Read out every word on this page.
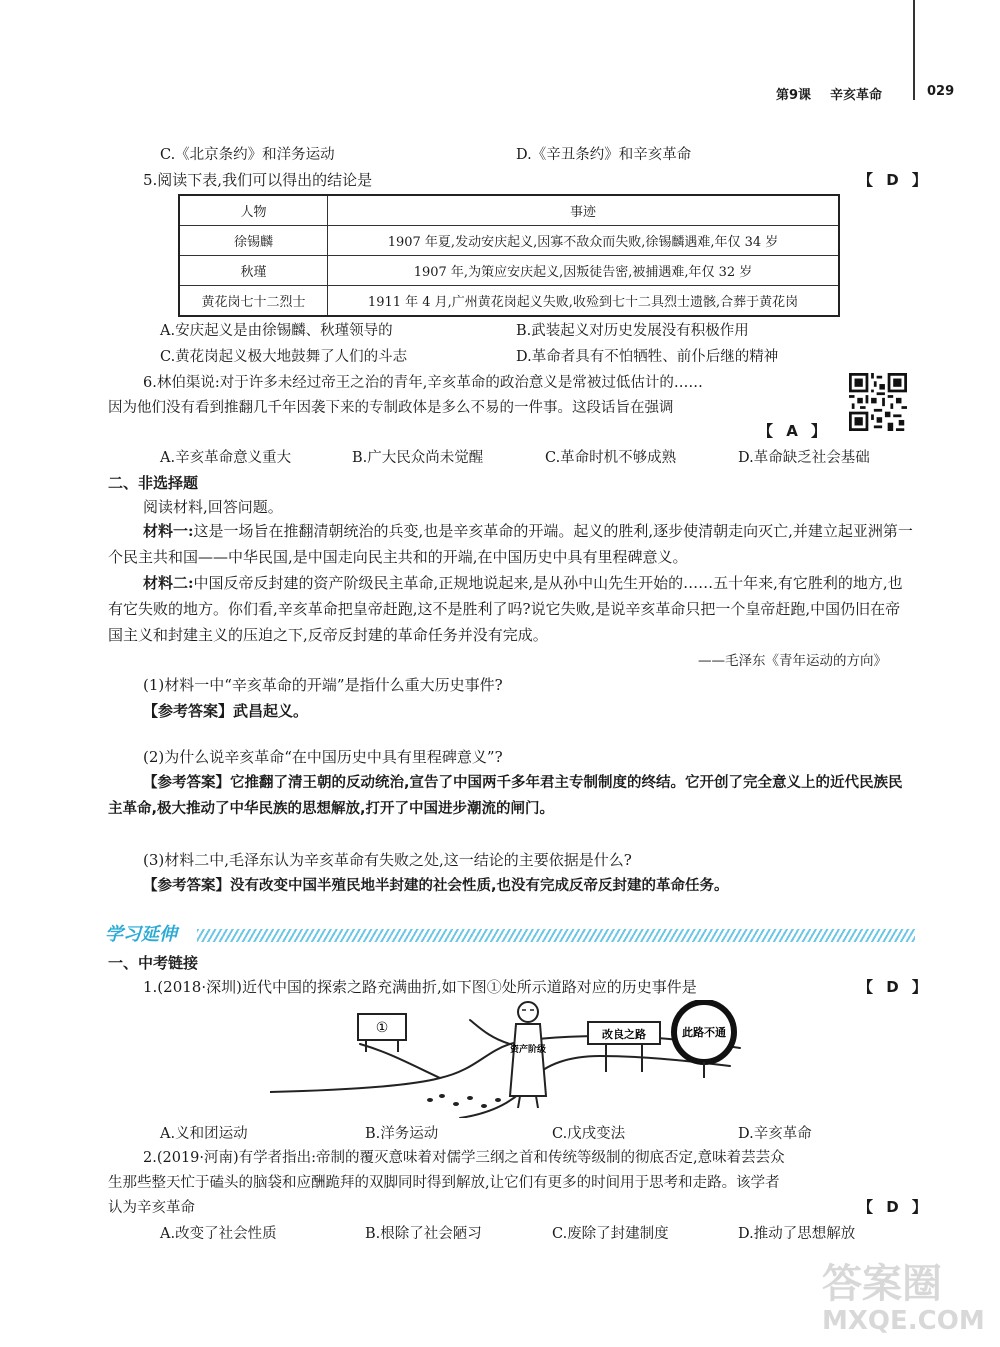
第9课 辛亥革命	029
C.《北京条约》和洋务运动	D.《辛丑条约》和辛亥革命
5.阅读下表,我们可以得出的结论是	【 D 】
人物	事迹
徐锡麟	1907 年夏,发动安庆起义,因寡不敌众而失败,徐锡麟遇难,年仅 34 岁
秋瑾	1907 年,为策应安庆起义,因叛徒告密,被捕遇难,年仅 32 岁
黄花岗七十二烈士	1911 年 4 月,广州黄花岗起义失败,收殓到七十二具烈士遗骸,合葬于黄花岗
A.安庆起义是由徐锡麟、秋瑾领导的	B.武装起义对历史发展没有积极作用
C.黄花岗起义极大地鼓舞了人们的斗志	D.革命者具有不怕牺牲、前仆后继的精神
6.林伯渠说:对于许多未经过帝王之治的青年,辛亥革命的政治意义是常被过低估计的……
因为他们没有看到推翻几千年因袭下来的专制政体是多么不易的一件事。这段话旨在强调
【 A 】
A.辛亥革命意义重大	B.广大民众尚未觉醒	C.革命时机不够成熟	D.革命缺乏社会基础
二、非选择题
阅读材料,回答问题。
材料一:这是一场旨在推翻清朝统治的兵变,也是辛亥革命的开端。起义的胜利,逐步使清朝走向灭亡,并建立起亚洲第一个民主共和国——中华民国,是中国走向民主共和的开端,在中国历史中具有里程碑意义。
材料二:中国反帝反封建的资产阶级民主革命,正规地说起来,是从孙中山先生开始的……五十年来,有它胜利的地方,也有它失败的地方。你们看,辛亥革命把皇帝赶跑,这不是胜利了吗?说它失败,是说辛亥革命只把一个皇帝赶跑,中国仍旧在帝国主义和封建主义的压迫之下,反帝反封建的革命任务并没有完成。
——毛泽东《青年运动的方向》
(1)材料一中“辛亥革命的开端”是指什么重大历史事件?
【参考答案】武昌起义。
(2)为什么说辛亥革命“在中国历史中具有里程碑意义”?
【参考答案】它推翻了清王朝的反动统治,宣告了中国两千多年君主专制制度的终结。它开创了完全意义上的近代民族民主革命,极大推动了中华民族的思想解放,打开了中国进步潮流的闸门。
(3)材料二中,毛泽东认为辛亥革命有失败之处,这一结论的主要依据是什么?
【参考答案】没有改变中国半殖民地半封建的社会性质,也没有完成反帝反封建的革命任务。
学习延伸
一、中考链接
1.(2018·深圳)近代中国的探索之路充满曲折,如下图①处所示道路对应的历史事件是	【 D 】
①
资产阶级
改良之路	此路不通
A.义和团运动	B.洋务运动	C.戊戌变法	D.辛亥革命
2.(2019·河南)有学者指出:帝制的覆灭意味着对儒学三纲之首和传统等级制的彻底否定,意味着芸芸众
生那些整天忙于磕头的脑袋和应酬跪拜的双脚同时得到解放,让它们有更多的时间用于思考和走路。该学者
认为辛亥革命	【 D 】
A.改变了社会性质	B.根除了社会陋习	C.废除了封建制度	D.推动了思想解放
答案圈
MXQE.COM
